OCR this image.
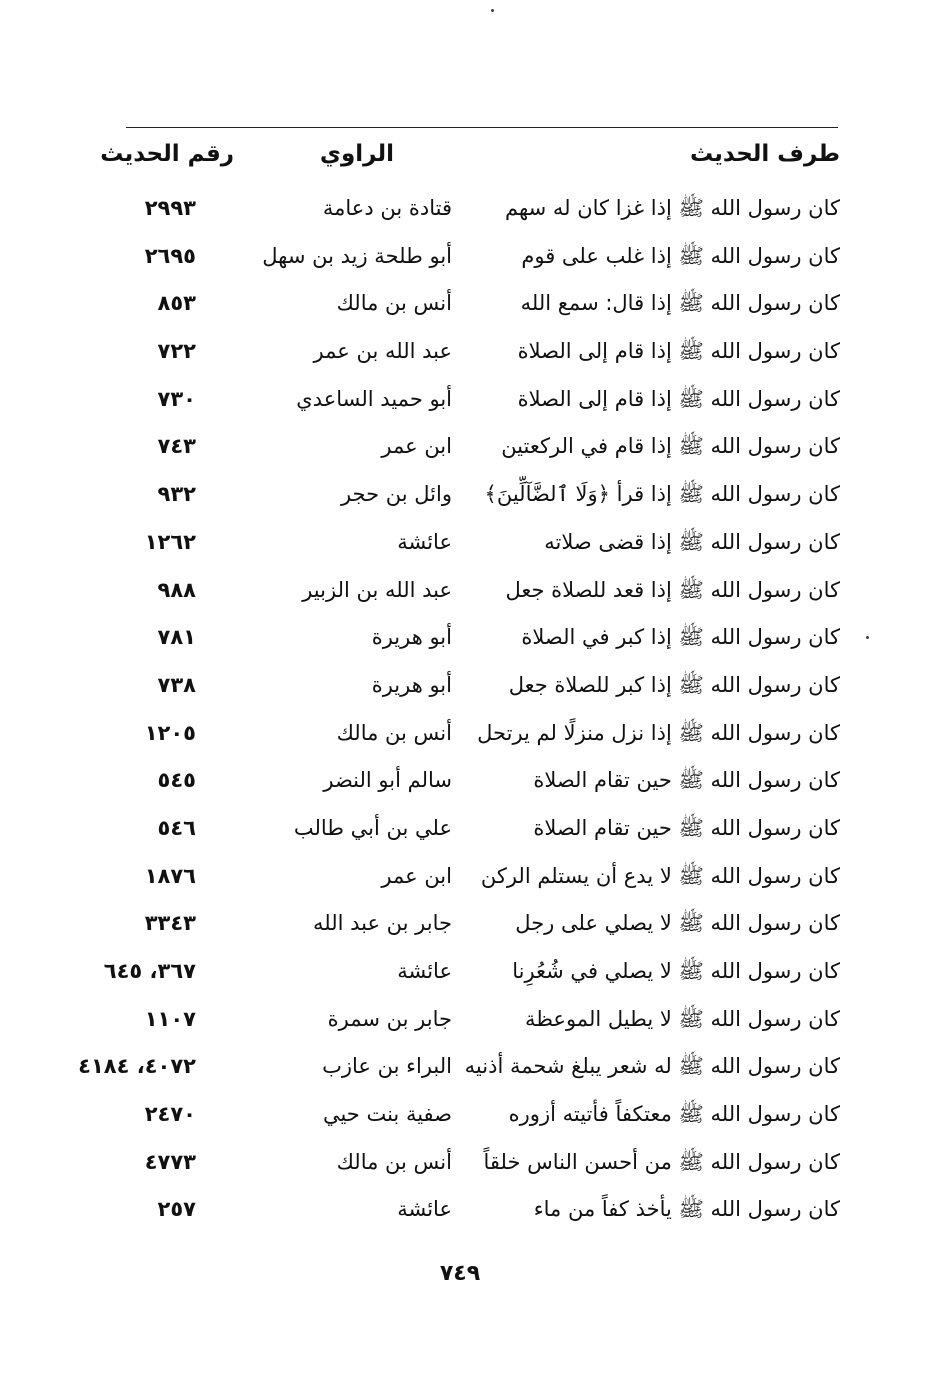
طرف الحديث
الراوي
رقم الحديث
كان رسول الله ﷺ إذا غزا كان له سهم
قتادة بن دعامة
٢٩٩٣
كان رسول الله ﷺ إذا غلب على قوم
أبو طلحة زيد بن سهل
٢٦٩٥
كان رسول الله ﷺ إذا قال: سمع الله
أنس بن مالك
٨٥٣
كان رسول الله ﷺ إذا قام إلى الصلاة
عبد الله بن عمر
٧٢٢
كان رسول الله ﷺ إذا قام إلى الصلاة
أبو حميد الساعدي
٧٣٠
كان رسول الله ﷺ إذا قام في الركعتين
ابن عمر
٧٤٣
كان رسول الله ﷺ إذا قرأ ﴿وَلَا ٱلضَّآلِّينَ﴾
وائل بن حجر
٩٣٢
كان رسول الله ﷺ إذا قضى صلاته
عائشة
١٢٦٢
كان رسول الله ﷺ إذا قعد للصلاة جعل
عبد الله بن الزبير
٩٨٨
كان رسول الله ﷺ إذا كبر في الصلاة
أبو هريرة
٧٨١
كان رسول الله ﷺ إذا كبر للصلاة جعل
أبو هريرة
٧٣٨
كان رسول الله ﷺ إذا نزل منزلًا لم يرتحل
أنس بن مالك
١٢٠٥
كان رسول الله ﷺ حين تقام الصلاة
سالم أبو النضر
٥٤٥
كان رسول الله ﷺ حين تقام الصلاة
علي بن أبي طالب
٥٤٦
كان رسول الله ﷺ لا يدع أن يستلم الركن
ابن عمر
١٨٧٦
كان رسول الله ﷺ لا يصلي على رجل
جابر بن عبد الله
٣٣٤٣
كان رسول الله ﷺ لا يصلي في شُعُرِنا
عائشة
٣٦٧، ٦٤٥
كان رسول الله ﷺ لا يطيل الموعظة
جابر بن سمرة
١١٠٧
كان رسول الله ﷺ له شعر يبلغ شحمة أذنيه
البراء بن عازب
٤٠٧٢، ٤١٨٤
كان رسول الله ﷺ معتكفاً فأتيته أزوره
صفية بنت حيي
٢٤٧٠
كان رسول الله ﷺ من أحسن الناس خلقاً
أنس بن مالك
٤٧٧٣
كان رسول الله ﷺ يأخذ كفاً من ماء
عائشة
٢٥٧
٧٤٩
